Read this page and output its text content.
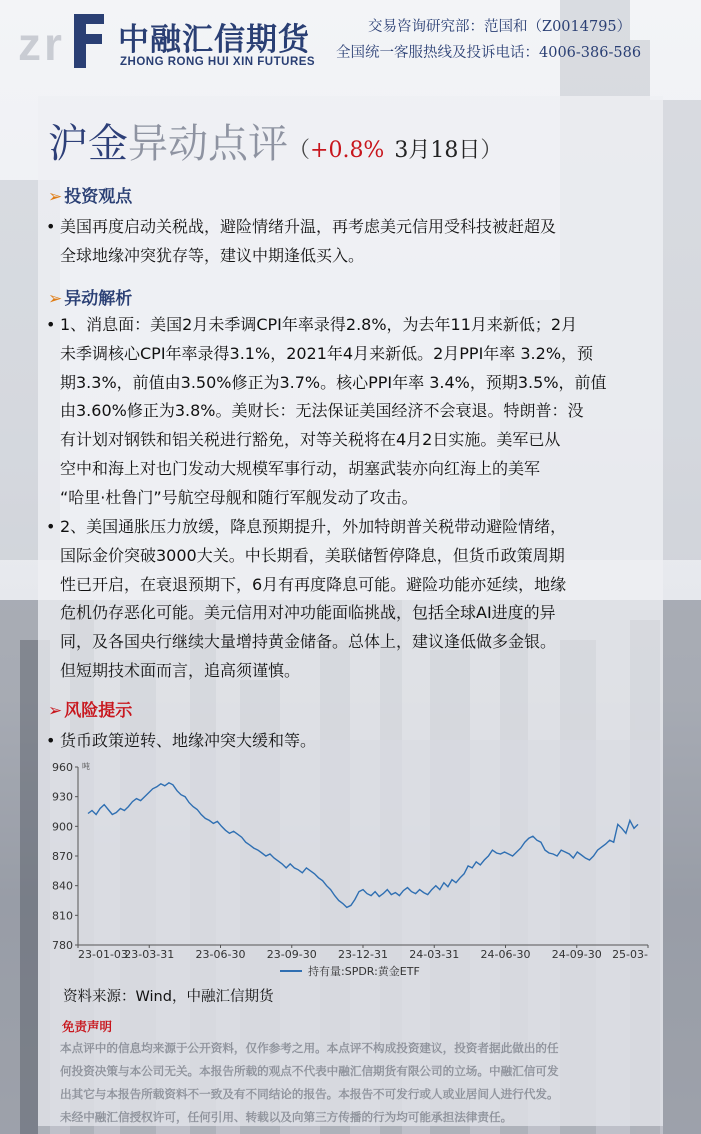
z r 中融汇信期货
ZHONG RONG HUI XIN FUTURES
交易咨询研究部：范国和（Z0014795）
全国统一客服热线及投诉电话：4006-386-586
沪金异动点评（+0.8% 3月18日）
➢ 投资观点
• 美国再度启动关税战，避险情绪升温，再考虑美元信用受科技被赶超及
全球地缘冲突犹存等，建议中期逢低买入。
➢ 异动解析
• 1、消息面：美国2月未季调CPI年率录得2.8%，为去年11月来新低；2月
未季调核心CPI年率录得3.1%，2021年4月来新低。2月PPI年率 3.2%，预
期3.3%，前值由3.50%修正为3.7%。核心PPI年率 3.4%，预期3.5%，前值
由3.60%修正为3.8%。美财长：无法保证美国经济不会衰退。特朗普：没
有计划对钢铁和铝关税进行豁免，对等关税将在4月2日实施。美军已从
空中和海上对也门发动大规模军事行动，胡塞武装亦向红海上的美军
“哈里·杜鲁门”号航空母舰和随行军舰发动了攻击。
• 2、美国通胀压力放缓，降息预期提升，外加特朗普关税带动避险情绪，
国际金价突破3000大关。中长期看，美联储暂停降息，但货币政策周期
性已开启，在衰退预期下，6月有再度降息可能。避险功能亦延续，地缘
危机仍存恶化可能。美元信用对冲功能面临挑战，包括全球AI进度的异
同，及各国央行继续大量增持黄金储备。总体上，建议逢低做多金银。
但短期技术面而言，追高须谨慎。
➢ 风险提示
• 货币政策逆转、地缘冲突大缓和等。
吨
960
930
900
870
840
810
780
23-01-03
23-03-31 23-06-30 23-09-30 23-12-31 24-03-31 24-06-30 24-09-30 25-03-
持有量:SPDR:黄金ETF
资料来源：Wind，中融汇信期货
免责声明
本点评中的信息均来源于公开资料，仅作参考之用。本点评不构成投资建议，投资者据此做出的任
何投资决策与本公司无关。本报告所载的观点不代表中融汇信期货有限公司的立场。中融汇信可发
出其它与本报告所载资料不一致及有不同结论的报告。本报告不可发行或人或业居间人进行代发。
未经中融汇信授权许可，任何引用、转载以及向第三方传播的行为均可能承担法律责任。
